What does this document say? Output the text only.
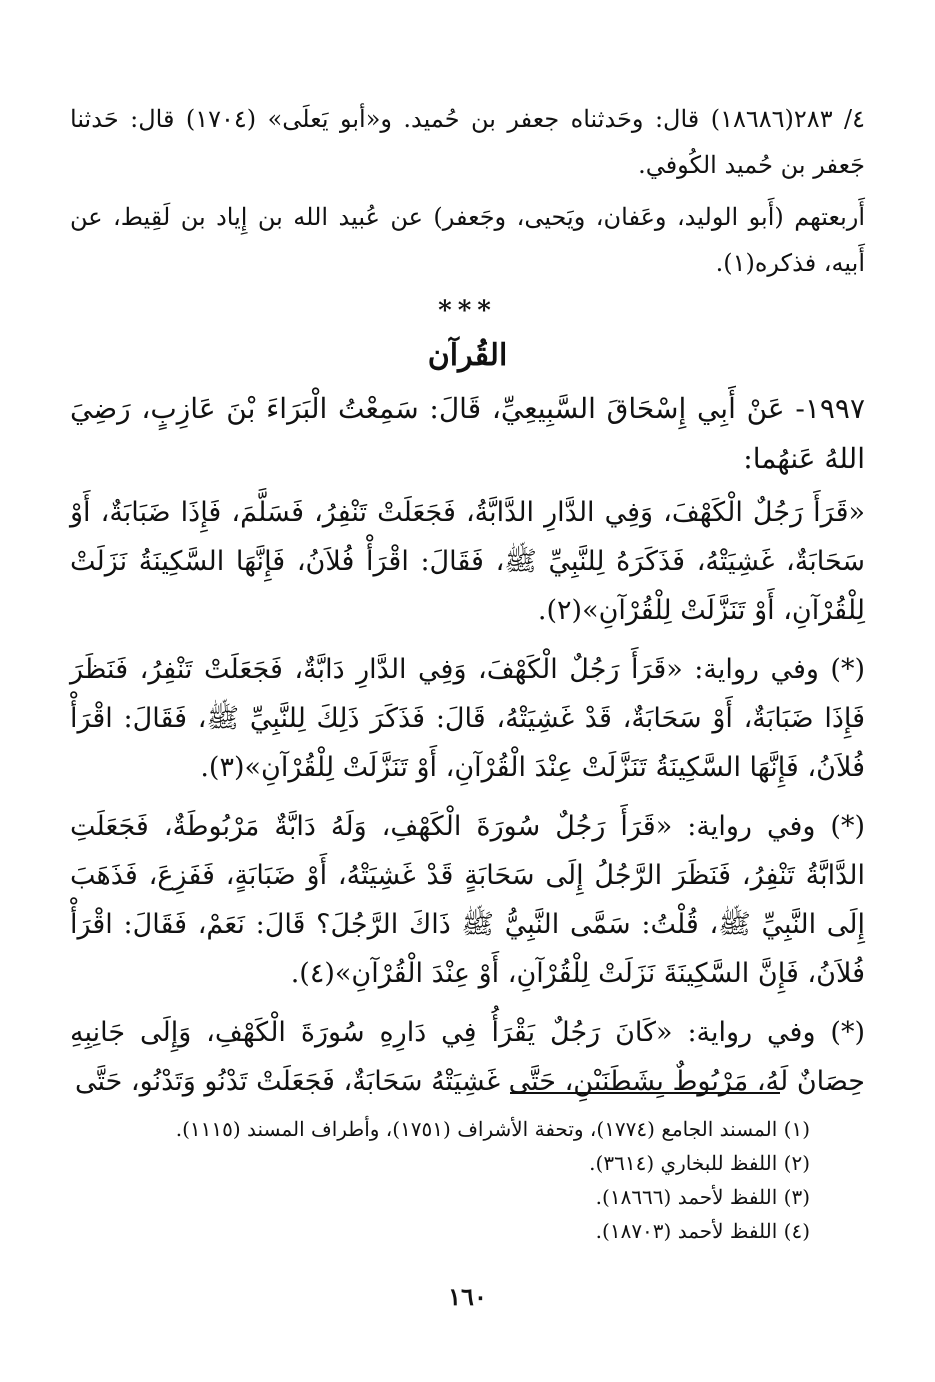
٤/ ٢٨٣(١٨٦٨٦) قال: وحَدثناه جعفر بن حُميد. و«أبو يَعلَى» (١٧٠٤) قال: حَدثنا جَعفر بن حُميد الكُوفي.

أَربعتهم (أَبو الوليد، وعَفان، ويَحيى، وجَعفر) عن عُبيد الله بن إِياد بن لَقِيط، عن أَبيه، فذكره(١).

***

القُرآن

١٩٩٧- عَنْ أَبِي إِسْحَاقَ السَّبِيعِيِّ، قَالَ: سَمِعْتُ الْبَرَاءَ بْنَ عَازِبٍ، رَضِيَ اللهُ عَنهُما:

«قَرَأَ رَجُلٌ الْكَهْفَ، وَفِي الدَّارِ الدَّابَّةُ، فَجَعَلَتْ تَنْفِرُ، فَسَلَّمَ، فَإِذَا ضَبَابَةٌ، أَوْ سَحَابَةٌ، غَشِيَتْهُ، فَذَكَرَهُ لِلنَّبِيِّ ﷺ، فَقَالَ: اقْرَأْ فُلاَنُ، فَإِنَّهَا السَّكِينَةُ نَزَلَتْ لِلْقُرْآنِ، أَوْ تَنَزَّلَتْ لِلْقُرْآنِ»(٢).

(*) وفي رواية: «قَرَأَ رَجُلٌ الْكَهْفَ، وَفِي الدَّارِ دَابَّةٌ، فَجَعَلَتْ تَنْفِرُ، فَنَظَرَ فَإِذَا ضَبَابَةٌ، أَوْ سَحَابَةٌ، قَدْ غَشِيَتْهُ، قَالَ: فَذَكَرَ ذَلِكَ لِلنَّبِيِّ ﷺ، فَقَالَ: اقْرَأْ فُلاَنُ، فَإِنَّهَا السَّكِينَةُ تَنَزَّلَتْ عِنْدَ الْقُرْآنِ، أَوْ تَنَزَّلَتْ لِلْقُرْآنِ»(٣).

(*) وفي رواية: «قَرَأَ رَجُلٌ سُورَةَ الْكَهْفِ، وَلَهُ دَابَّةٌ مَرْبُوطَةٌ، فَجَعَلَتِ الدَّابَّةُ تَنْفِرُ، فَنَظَرَ الرَّجُلُ إِلَى سَحَابَةٍ قَدْ غَشِيَتْهُ، أَوْ ضَبَابَةٍ، فَفَزِعَ، فَذَهَبَ إِلَى النَّبِيِّ ﷺ، قُلْتُ: سَمَّى النَّبِيُّ ﷺ ذَاكَ الرَّجُلَ؟ قَالَ: نَعَمْ، فَقَالَ: اقْرَأْ فُلاَنُ، فَإِنَّ السَّكِينَةَ نَزَلَتْ لِلْقُرْآنِ، أَوْ عِنْدَ الْقُرْآنِ»(٤).

(*) وفي رواية: «كَانَ رَجُلٌ يَقْرَأُ فِي دَارِهِ سُورَةَ الْكَهْفِ، وَإِلَى جَانِبِهِ حِصَانٌ لَهُ، مَرْبُوطٌ بِشَطَنَيْنِ، حَتَّى غَشِيَتْهُ سَحَابَةٌ، فَجَعَلَتْ تَدْنُو وَتَدْنُو، حَتَّى

(١) المسند الجامع (١٧٧٤)، وتحفة الأشراف (١٧٥١)، وأطراف المسند (١١١٥).

(٢) اللفظ للبخاري (٣٦١٤).

(٣) اللفظ لأحمد (١٨٦٦٦).

(٤) اللفظ لأحمد (١٨٧٠٣).

١٦٠
